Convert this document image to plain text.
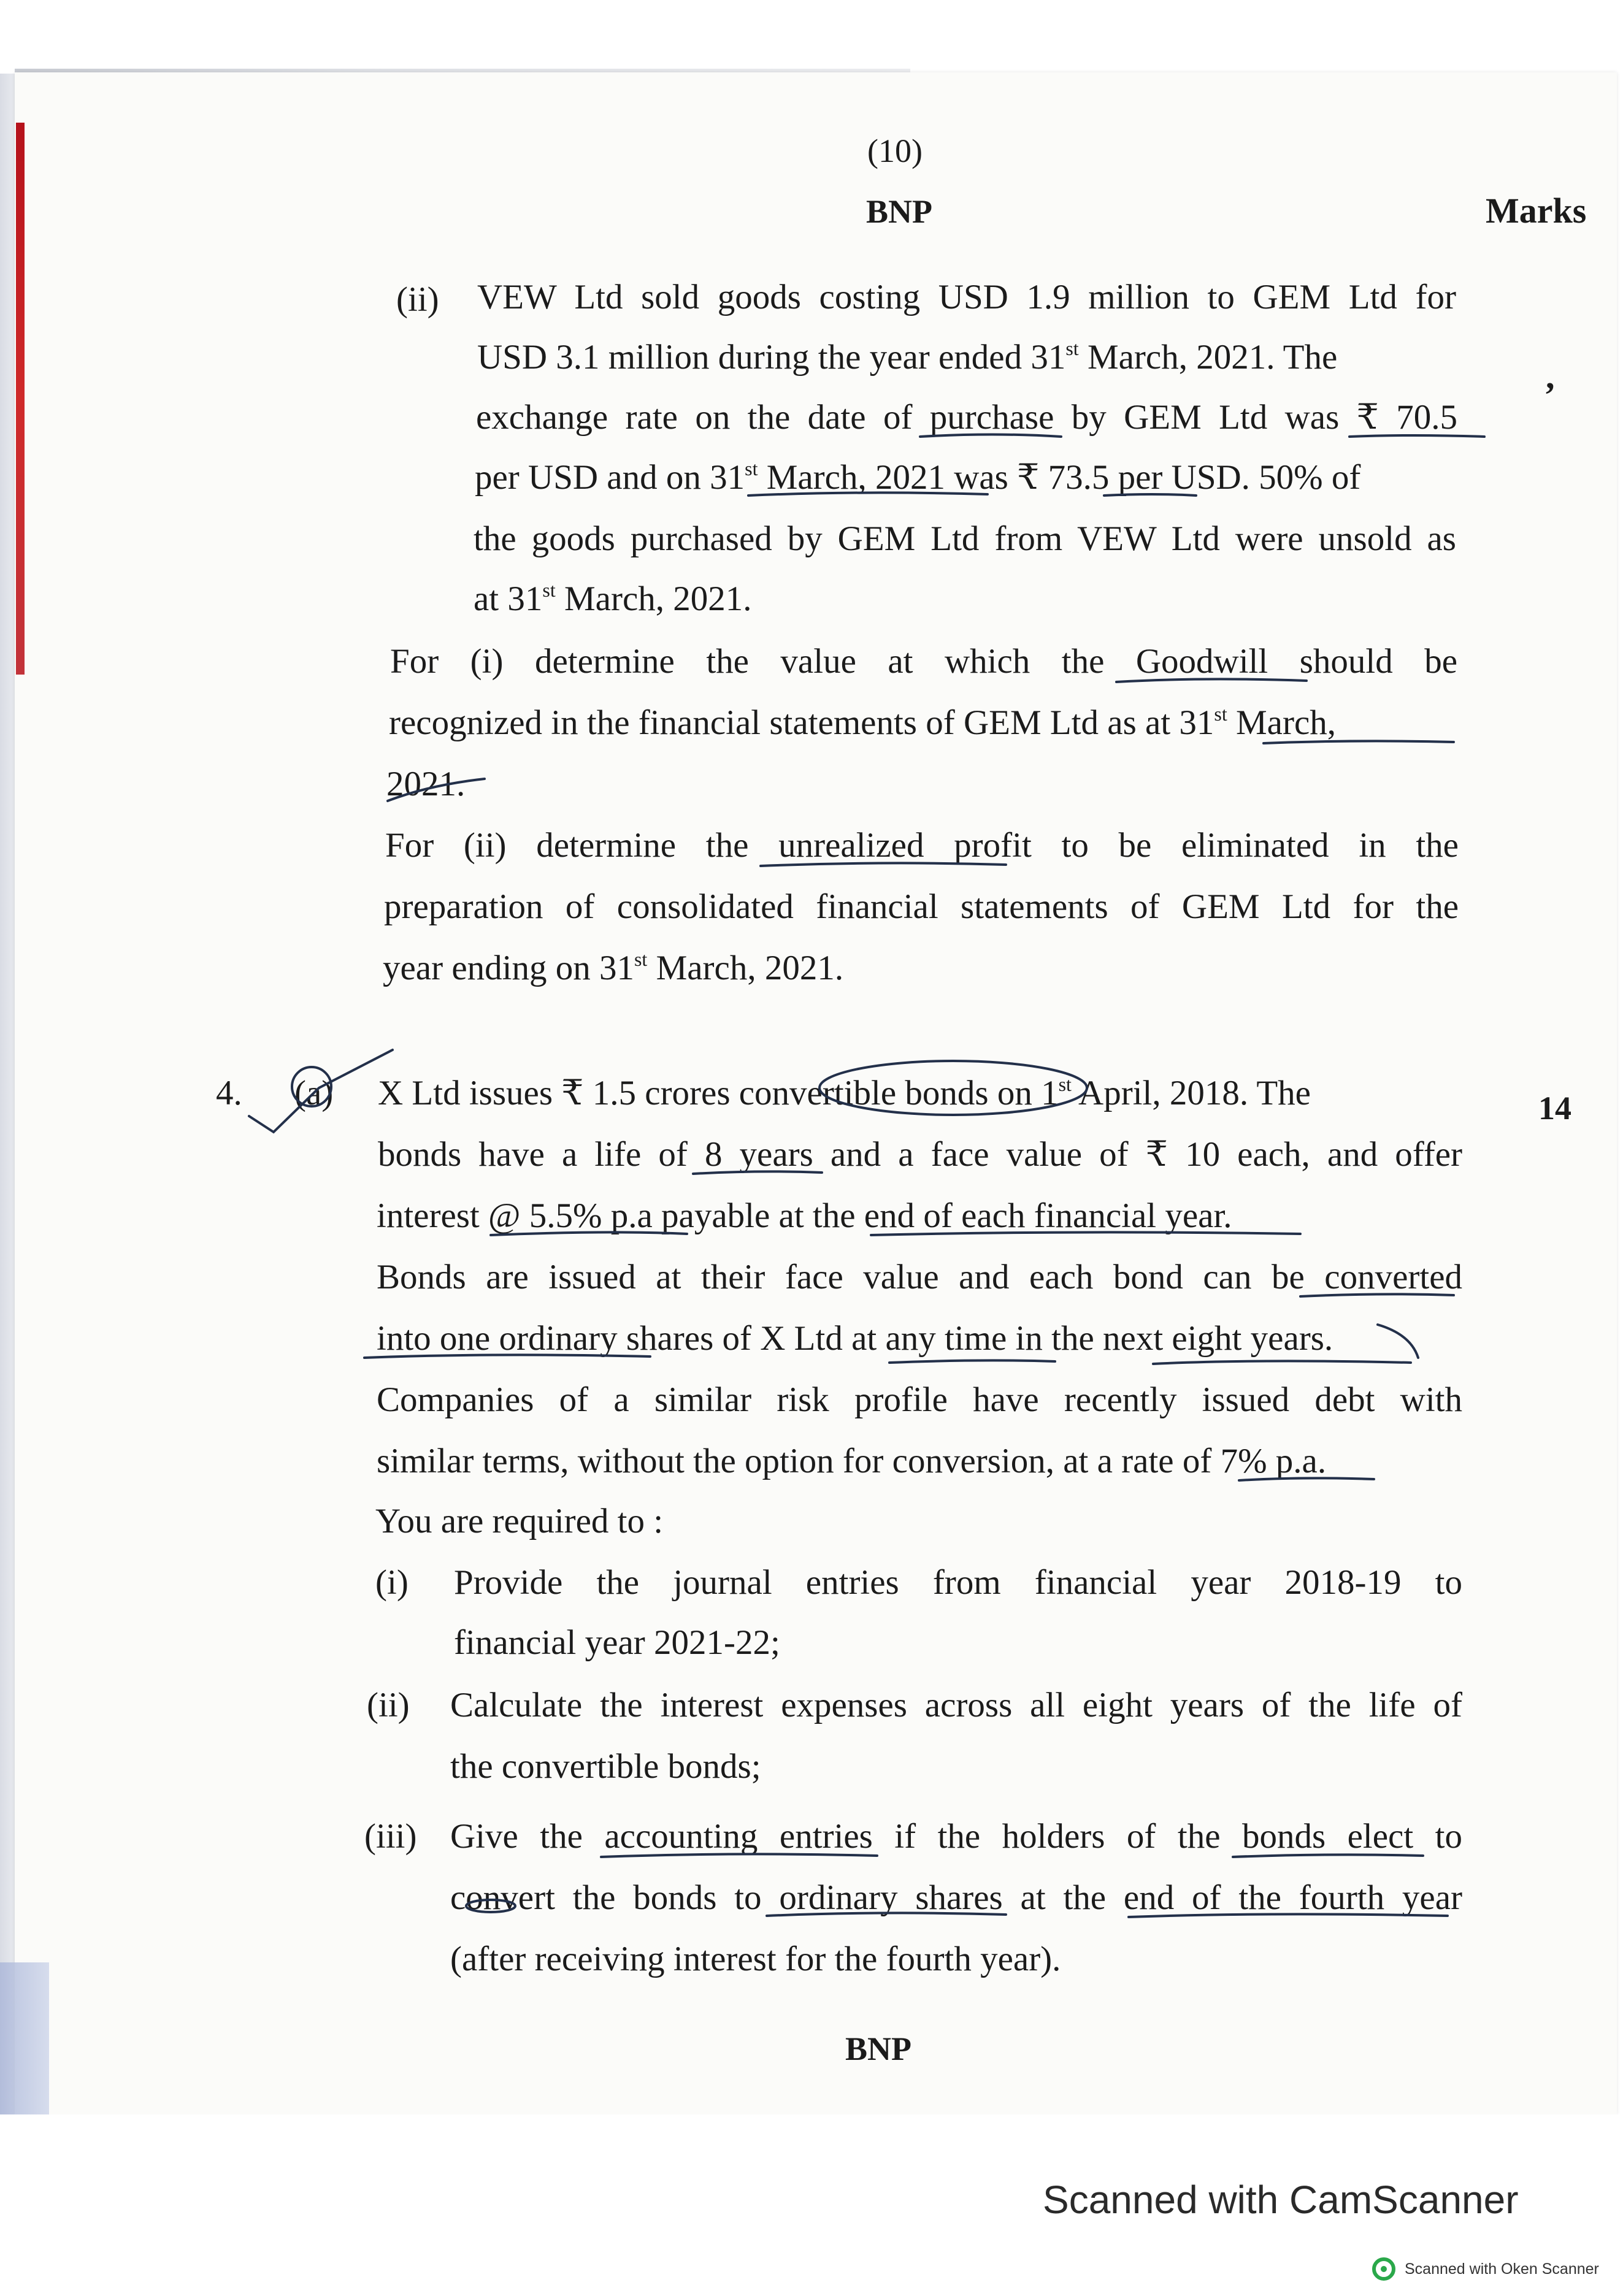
(10)
BNP	Marks
,
(ii) VEW Ltd sold goods costing USD 1.9 million to GEM Ltd for
USD 3.1 million during the year ended 31st March, 2021. The
exchange rate on the date of purchase by GEM Ltd was ₹ 70.5
per USD and on 31st March, 2021 was ₹ 73.5 per USD. 50% of
the goods purchased by GEM Ltd from VEW Ltd were unsold as
at 31st March, 2021.
For (i) determine the value at which the Goodwill should be
recognized in the financial statements of GEM Ltd as at 31st March,
2021.
For (ii) determine the unrealized profit to be eliminated in the
preparation of consolidated financial statements of GEM Ltd for the
year ending on 31st March, 2021.
4. (a)	14
X Ltd issues ₹ 1.5 crores convertible bonds on 1st April, 2018. The
bonds have a life of 8 years and a face value of ₹ 10 each, and offer
interest @ 5.5% p.a payable at the end of each financial year.
Bonds are issued at their face value and each bond can be converted
into one ordinary shares of X Ltd at any time in the next eight years.
Companies of a similar risk profile have recently issued debt with
similar terms, without the option for conversion, at a rate of 7% p.a.
You are required to :
(i) Provide the journal entries from financial year 2018-19 to
financial year 2021-22;
(ii) Calculate the interest expenses across all eight years of the life of
the convertible bonds;
(iii) Give the accounting entries if the holders of the bonds elect to
convert the bonds to ordinary shares at the end of the fourth year
(after receiving interest for the fourth year).
BNP
Scanned with CamScanner
Scanned with Oken Scanner
